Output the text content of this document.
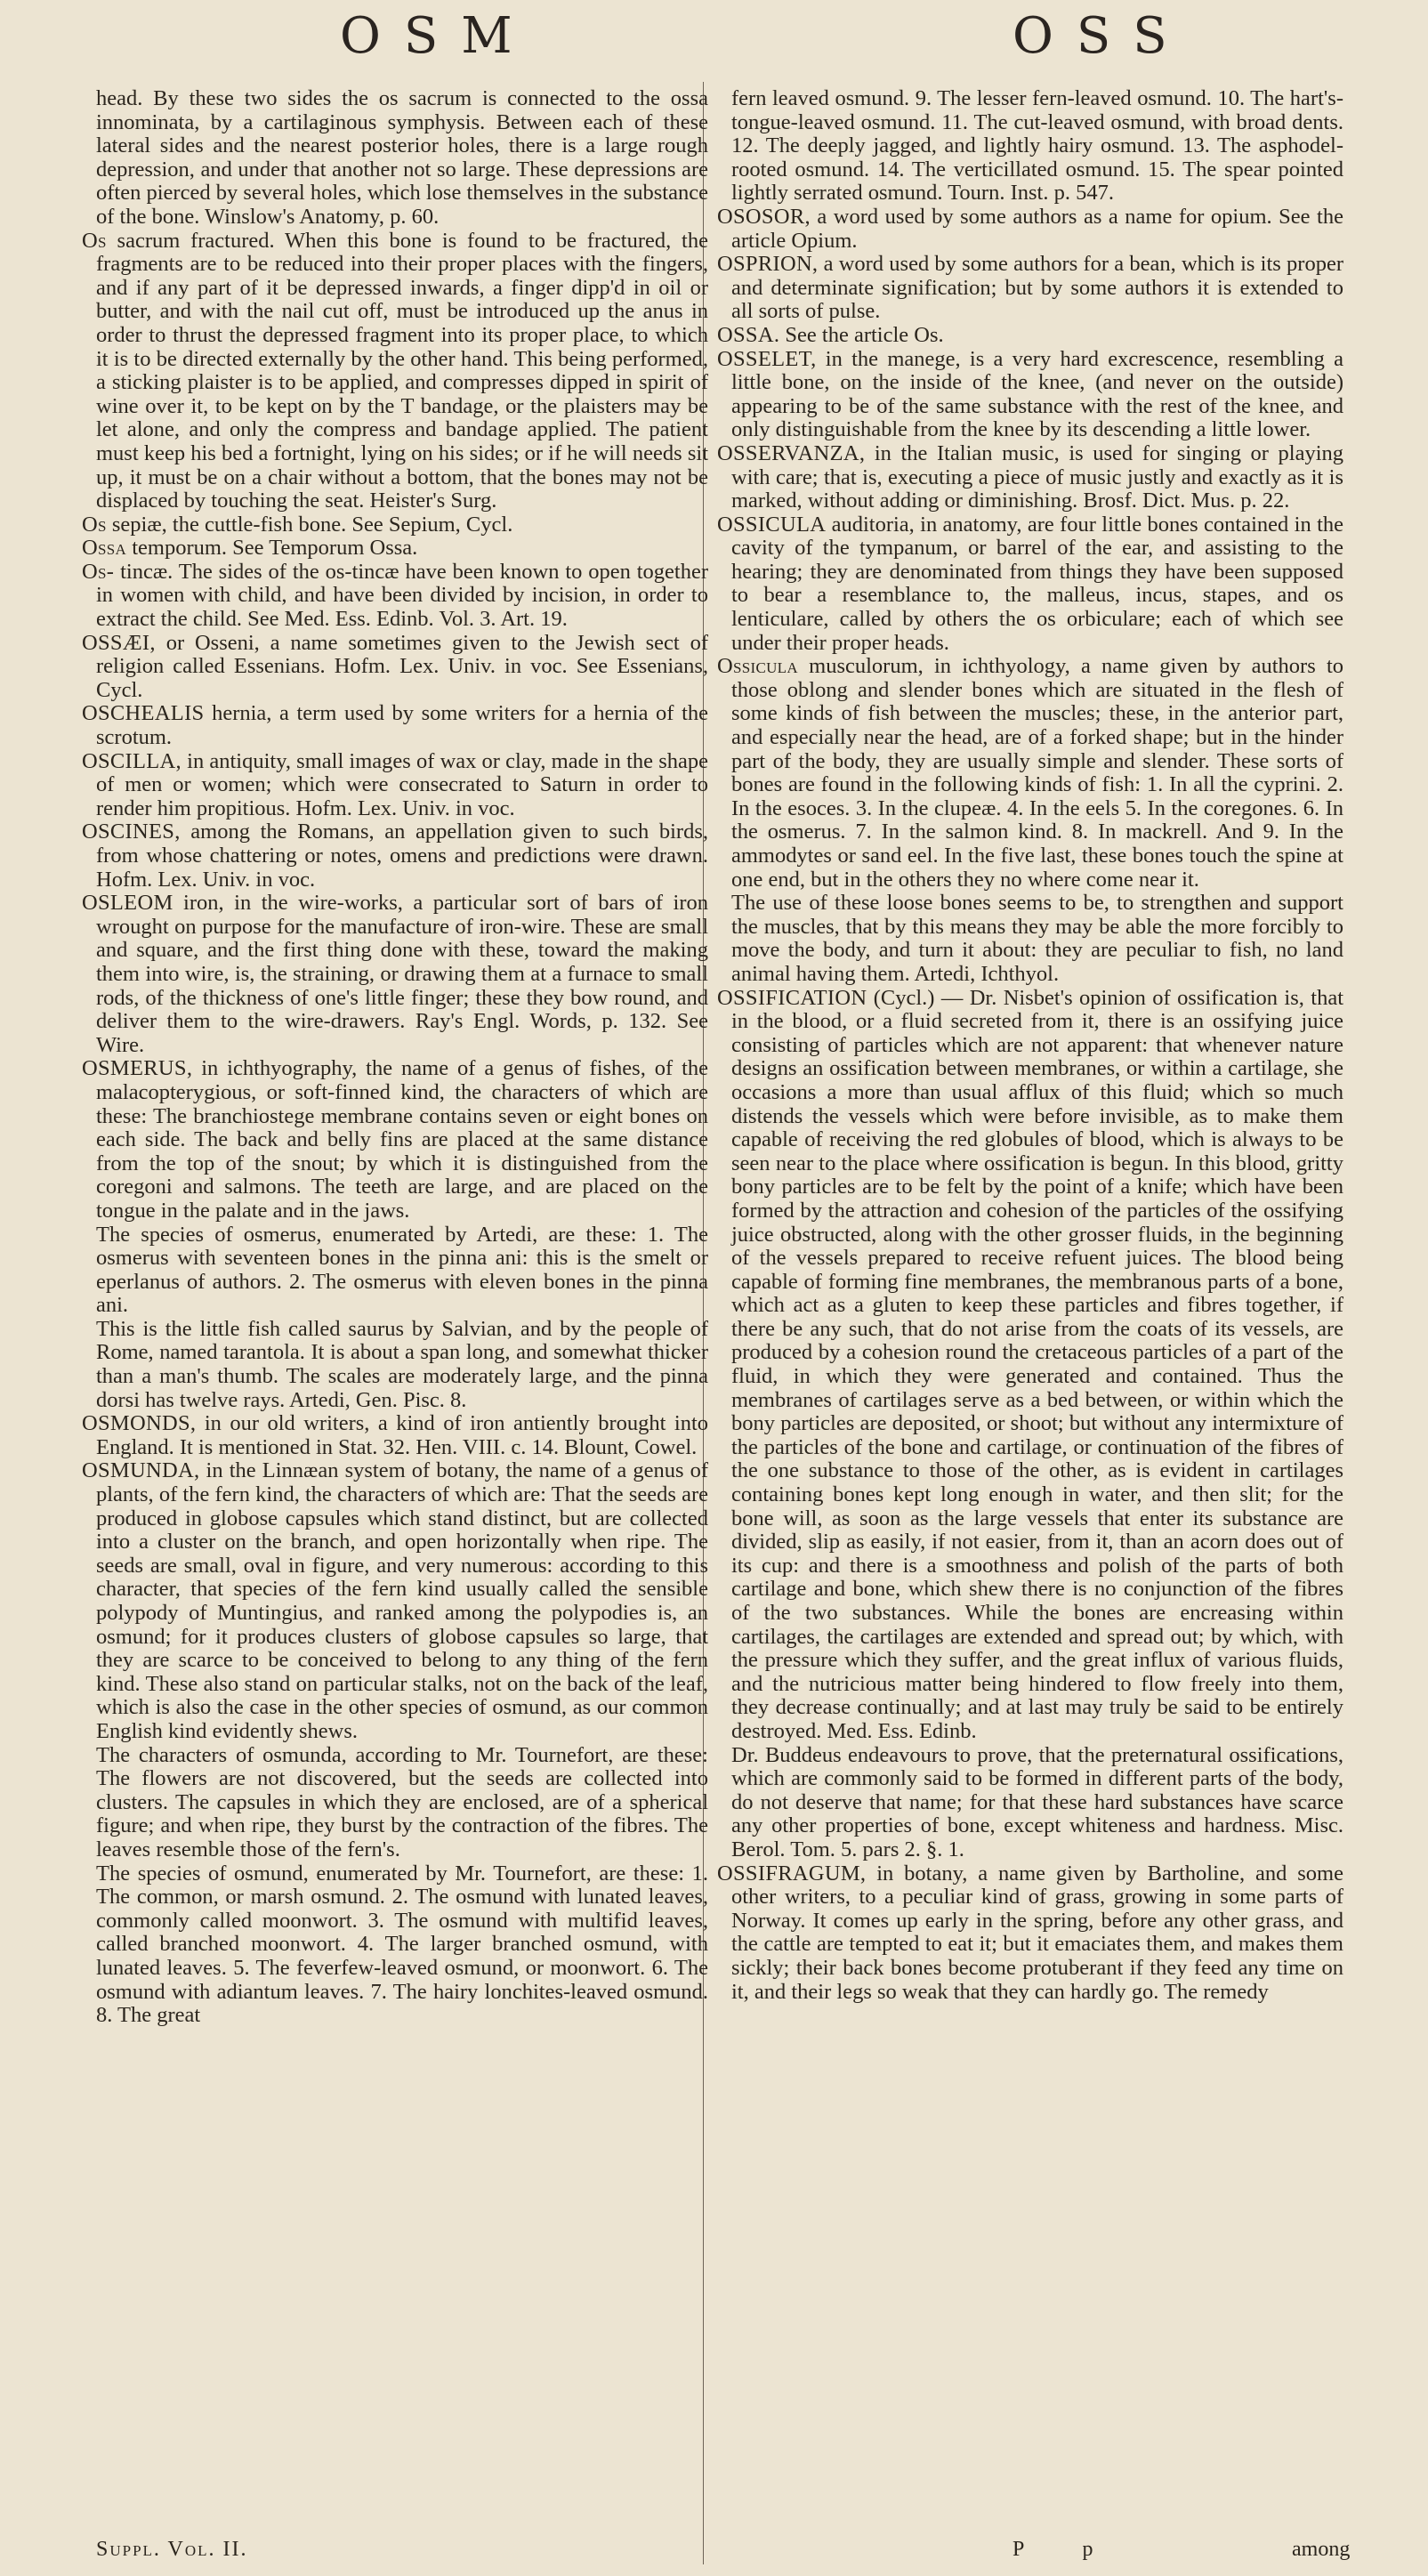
OSM	OSS

head. By these two sides the os sacrum is connected to the ossa innominata, by a cartilaginous symphysis. Between each of these lateral sides and the nearest posterior holes, there is a large rough depression, and under that another not so large. These depressions are often pierced by several holes, which lose themselves in the substance of the bone. Winslow's Anatomy, p. 60.

Os sacrum fractured. When this bone is found to be fractured, the fragments are to be reduced into their proper places with the fingers, and if any part of it be depressed inwards, a finger dipp'd in oil or butter, and with the nail cut off, must be introduced up the anus in order to thrust the depressed fragment into its proper place, to which it is to be directed externally by the other hand. This being performed, a sticking plaister is to be applied, and compresses dipped in spirit of wine over it, to be kept on by the T bandage, or the plaisters may be let alone, and only the compress and bandage applied. The patient must keep his bed a fortnight, lying on his sides; or if he will needs sit up, it must be on a chair without a bottom, that the bones may not be displaced by touching the seat. Heister's Surg.

Os sepiæ, the cuttle-fish bone. See Sepium, Cycl.

Ossa temporum. See Temporum Ossa.

Os- tincæ. The sides of the os-tincæ have been known to open together in women with child, and have been divided by incision, in order to extract the child. See Med. Ess. Edinb. Vol. 3. Art. 19.

OSSÆI, or Osseni, a name sometimes given to the Jewish sect of religion called Essenians. Hofm. Lex. Univ. in voc. See Essenians, Cycl.

OSCHEALIS hernia, a term used by some writers for a hernia of the scrotum.

OSCILLA, in antiquity, small images of wax or clay, made in the shape of men or women; which were consecrated to Saturn in order to render him propitious. Hofm. Lex. Univ. in voc.

OSCINES, among the Romans, an appellation given to such birds, from whose chattering or notes, omens and predictions were drawn. Hofm. Lex. Univ. in voc.

OSLEOM iron, in the wire-works, a particular sort of bars of iron wrought on purpose for the manufacture of iron-wire. These are small and square, and the first thing done with these, toward the making them into wire, is, the straining, or drawing them at a furnace to small rods, of the thickness of one's little finger; these they bow round, and deliver them to the wire-drawers. Ray's Engl. Words, p. 132. See Wire.

OSMERUS, in ichthyography, the name of a genus of fishes, of the malacopterygious, or soft-finned kind, the characters of which are these: The branchiostege membrane contains seven or eight bones on each side. The back and belly fins are placed at the same distance from the top of the snout; by which it is distinguished from the coregoni and salmons. The teeth are large, and are placed on the tongue in the palate and in the jaws.

The species of osmerus, enumerated by Artedi, are these: 1. The osmerus with seventeen bones in the pinna ani: this is the smelt or eperlanus of authors. 2. The osmerus with eleven bones in the pinna ani.

This is the little fish called saurus by Salvian, and by the people of Rome, named tarantola. It is about a span long, and somewhat thicker than a man's thumb. The scales are moderately large, and the pinna dorsi has twelve rays. Artedi, Gen. Pisc. 8.

OSMONDS, in our old writers, a kind of iron antiently brought into England. It is mentioned in Stat. 32. Hen. VIII. c. 14. Blount, Cowel.

OSMUNDA, in the Linnæan system of botany, the name of a genus of plants, of the fern kind, the characters of which are: That the seeds are produced in globose capsules which stand distinct, but are collected into a cluster on the branch, and open horizontally when ripe. The seeds are small, oval in figure, and very numerous: according to this character, that species of the fern kind usually called the sensible polypody of Muntingius, and ranked among the polypodies is, an osmund; for it produces clusters of globose capsules so large, that they are scarce to be conceived to belong to any thing of the fern kind. These also stand on particular stalks, not on the back of the leaf, which is also the case in the other species of osmund, as our common English kind evidently shews.

The characters of osmunda, according to Mr. Tournefort, are these: The flowers are not discovered, but the seeds are collected into clusters. The capsules in which they are enclosed, are of a spherical figure; and when ripe, they burst by the contraction of the fibres. The leaves resemble those of the fern's.

The species of osmund, enumerated by Mr. Tournefort, are these: 1. The common, or marsh osmund. 2. The osmund with lunated leaves, commonly called moonwort. 3. The osmund with multifid leaves, called branched moonwort. 4. The larger branched osmund, with lunated leaves. 5. The feverfew-leaved osmund, or moonwort. 6. The osmund with adiantum leaves. 7. The hairy lonchites-leaved osmund. 8. The great

fern leaved osmund. 9. The lesser fern-leaved osmund. 10. The hart's-tongue-leaved osmund. 11. The cut-leaved osmund, with broad dents. 12. The deeply jagged, and lightly hairy osmund. 13. The asphodel-rooted osmund. 14. The verticillated osmund. 15. The spear pointed lightly serrated osmund. Tourn. Inst. p. 547.

OSOSOR, a word used by some authors as a name for opium. See the article Opium.

OSPRION, a word used by some authors for a bean, which is its proper and determinate signification; but by some authors it is extended to all sorts of pulse.

OSSA. See the article Os.

OSSELET, in the manege, is a very hard excrescence, resembling a little bone, on the inside of the knee, (and never on the outside) appearing to be of the same substance with the rest of the knee, and only distinguishable from the knee by its descending a little lower.

OSSERVANZA, in the Italian music, is used for singing or playing with care; that is, executing a piece of music justly and exactly as it is marked, without adding or diminishing. Brosf. Dict. Mus. p. 22.

OSSICULA auditoria, in anatomy, are four little bones contained in the cavity of the tympanum, or barrel of the ear, and assisting to the hearing; they are denominated from things they have been supposed to bear a resemblance to, the malleus, incus, stapes, and os lenticulare, called by others the os orbiculare; each of which see under their proper heads.

Ossicula musculorum, in ichthyology, a name given by authors to those oblong and slender bones which are situated in the flesh of some kinds of fish between the muscles; these, in the anterior part, and especially near the head, are of a forked shape; but in the hinder part of the body, they are usually simple and slender. These sorts of bones are found in the following kinds of fish: 1. In all the cyprini. 2. In the esoces. 3. In the clupeæ. 4. In the eels 5. In the coregones. 6. In the osmerus. 7. In the salmon kind. 8. In mackrell. And 9. In the ammodytes or sand eel. In the five last, these bones touch the spine at one end, but in the others they no where come near it.

The use of these loose bones seems to be, to strengthen and support the muscles, that by this means they may be able the more forcibly to move the body, and turn it about: they are peculiar to fish, no land animal having them. Artedi, Ichthyol.

OSSIFICATION (Cycl.) — Dr. Nisbet's opinion of ossification is, that in the blood, or a fluid secreted from it, there is an ossifying juice consisting of particles which are not apparent: that whenever nature designs an ossification between membranes, or within a cartilage, she occasions a more than usual afflux of this fluid; which so much distends the vessels which were before invisible, as to make them capable of receiving the red globules of blood, which is always to be seen near to the place where ossification is begun. In this blood, gritty bony particles are to be felt by the point of a knife; which have been formed by the attraction and cohesion of the particles of the ossifying juice obstructed, along with the other grosser fluids, in the beginning of the vessels prepared to receive refuent juices. The blood being capable of forming fine membranes, the membranous parts of a bone, which act as a gluten to keep these particles and fibres together, if there be any such, that do not arise from the coats of its vessels, are produced by a cohesion round the cretaceous particles of a part of the fluid, in which they were generated and contained. Thus the membranes of cartilages serve as a bed between, or within which the bony particles are deposited, or shoot; but without any intermixture of the particles of the bone and cartilage, or continuation of the fibres of the one substance to those of the other, as is evident in cartilages containing bones kept long enough in water, and then slit; for the bone will, as soon as the large vessels that enter its substance are divided, slip as easily, if not easier, from it, than an acorn does out of its cup: and there is a smoothness and polish of the parts of both cartilage and bone, which shew there is no conjunction of the fibres of the two substances. While the bones are encreasing within cartilages, the cartilages are extended and spread out; by which, with the pressure which they suffer, and the great influx of various fluids, and the nutricious matter being hindered to flow freely into them, they decrease continually; and at last may truly be said to be entirely destroyed. Med. Ess. Edinb.

Dr. Buddeus endeavours to prove, that the preternatural ossifications, which are commonly said to be formed in different parts of the body, do not deserve that name; for that these hard substances have scarce any other properties of bone, except whiteness and hardness. Misc. Berol. Tom. 5. pars 2. §. 1.

OSSIFRAGUM, in botany, a name given by Bartholine, and some other writers, to a peculiar kind of grass, growing in some parts of Norway. It comes up early in the spring, before any other grass, and the cattle are tempted to eat it; but it emaciates them, and makes them sickly; their back bones become protuberant if they feed any time on it, and their legs so weak that they can hardly go. The remedy

Suppl. Vol. II.	P p	among
